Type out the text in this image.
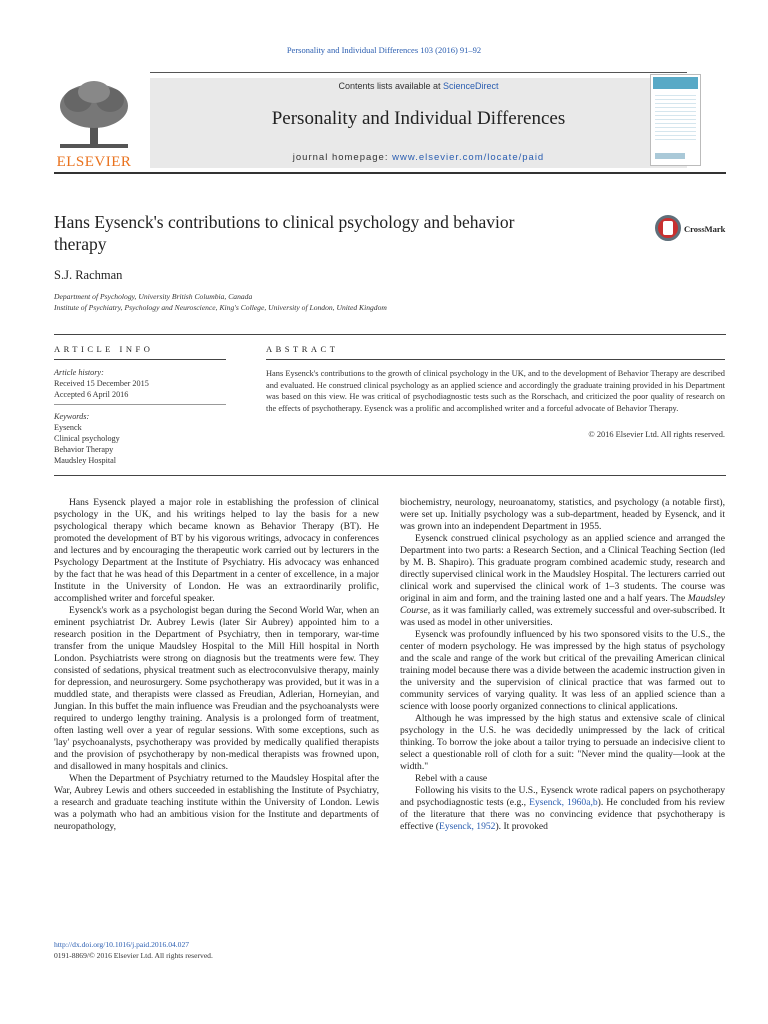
Personality and Individual Differences 103 (2016) 91–92
ELSEVIER
Contents lists available at ScienceDirect
Personality and Individual Differences
journal homepage: www.elsevier.com/locate/paid
Hans Eysenck's contributions to clinical psychology and behavior therapy
CrossMark
S.J. Rachman
Department of Psychology, University British Columbia, Canada
Institute of Psychiatry, Psychology and Neuroscience, King's College, University of London, United Kingdom
ARTICLE INFO	ABSTRACT
Article history:
Received 15 December 2015
Accepted 6 April 2016
Keywords:
Eysenck
Clinical psychology
Behavior Therapy
Maudsley Hospital
Hans Eysenck's contributions to the growth of clinical psychology in the UK, and to the development of Behavior Therapy are described and evaluated. He construed clinical psychology as an applied science and accordingly the graduate training provided in his Department was based on this view. He was critical of psychodiagnostic tests such as the Rorschach, and criticized the poor quality of research on the effects of psychotherapy. Eysenck was a prolific and accomplished writer and a forceful advocate of Behavior Therapy.
© 2016 Elsevier Ltd. All rights reserved.

Hans Eysenck played a major role in establishing the profession of clinical psychology in the UK, and his writings helped to lay the basis for a new psychological therapy which became known as Behavior Therapy (BT). He promoted the development of BT by his vigorous writings, advocacy in conferences and lectures and by encouraging the therapeutic work carried out by lecturers in the Psychology Department at the Institute of Psychiatry. His advocacy was enhanced by the fact that he was head of this Department in a center of excellence, in a major Institute in the University of London. He was an extraordinarily prolific, accomplished writer and forceful speaker.

Eysenck's work as a psychologist began during the Second World War, when an eminent psychiatrist Dr. Aubrey Lewis (later Sir Aubrey) appointed him to a research position in the Department of Psychiatry, then in temporary, war-time transfer from the unique Maudsley Hospital to the Mill Hill hospital in North London. Psychiatrists were strong on diagnosis but the treatments were few. They consisted of sedations, physical treatment such as electroconvulsive therapy, mainly for depression, and neurosurgery. Some psychotherapy was provided, but it was in a muddled state, and therapists were classed as Freudian, Adlerian, Horneyian, and Jungian. In this buffet the main influence was Freudian and the psychoanalysts were required to undergo lengthy training. Analysis is a prolonged form of treatment, often lasting well over a year of regular sessions. With some exceptions, such as 'lay' psychoanalysts, psychotherapy was provided by medically qualified therapists and the provision of psychotherapy by non-medical therapists was frowned upon, and disallowed in many hospitals and clinics.

When the Department of Psychiatry returned to the Maudsley Hospital after the War, Aubrey Lewis and others succeeded in establishing the Institute of Psychiatry, a research and graduate teaching institute within the University of London. Lewis was a polymath who had an ambitious vision for the Institute and departments of neuropathology,

biochemistry, neurology, neuroanatomy, statistics, and psychology (a notable first), were set up. Initially psychology was a sub-department, headed by Eysenck, and it was grown into an independent Department in 1955.

Eysenck construed clinical psychology as an applied science and arranged the Department into two parts: a Research Section, and a Clinical Teaching Section (led by M. B. Shapiro). This graduate program combined academic study, research and directly supervised clinical work in the Maudsley Hospital. The lecturers carried out clinical work and supervised the clinical work of 1–3 students. The course was original in aim and form, and the training lasted one and a half years. The Maudsley Course, as it was familiarly called, was extremely successful and over-subscribed. It was used as model in other universities.

Eysenck was profoundly influenced by his two sponsored visits to the U.S., the center of modern psychology. He was impressed by the high status of psychology and the scale and range of the work but critical of the prevailing American clinical training model because there was a divide between the academic instruction given in the university and the supervision of clinical practice that was farmed out to community services of varying quality. It was less of an applied science than a science with loose poorly organized connections to clinical applications.

Although he was impressed by the high status and extensive scale of clinical psychology in the U.S. he was decidedly unimpressed by the lack of critical thinking. To borrow the joke about a tailor trying to persuade an indecisive client to select a questionable roll of cloth for a suit: "Never mind the quality—look at the width."

Rebel with a cause

Following his visits to the U.S., Eysenck wrote radical papers on psychotherapy and psychodiagnostic tests (e.g., Eysenck, 1960a,b). He concluded from his review of the literature that there was no convincing evidence that psychotherapy is effective (Eysenck, 1952). It provoked

http://dx.doi.org/10.1016/j.paid.2016.04.027
0191-8869/© 2016 Elsevier Ltd. All rights reserved.
